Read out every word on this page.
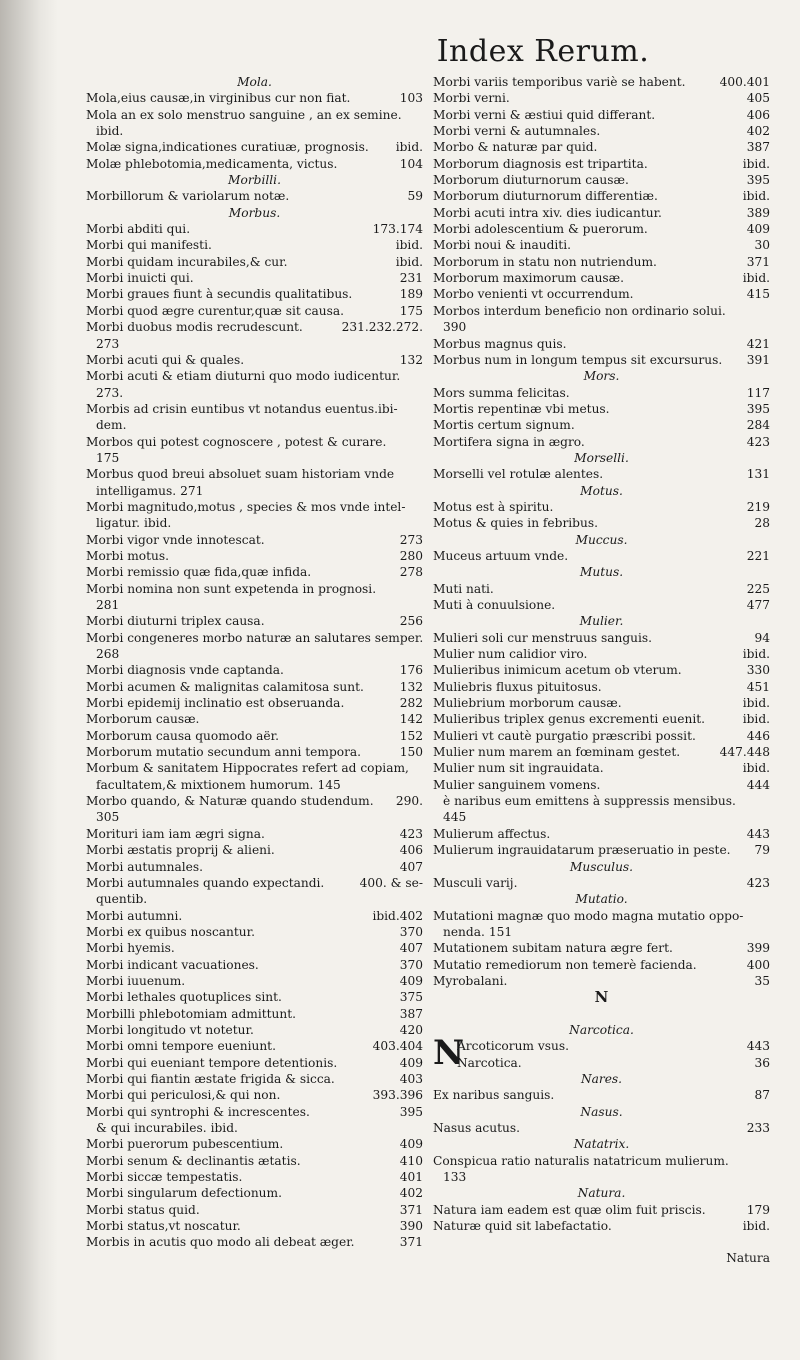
Index Rerum.
Mola.
Mola,eius causæ,in virginibus cur non fiat.	103
Mola an ex solo menstruo sanguine , an ex semine.
ibid.
Molæ signa,indicationes curatiuæ, prognosis.	ibid.
Molæ phlebotomia,medicamenta, victus.	104
Morbilli.
Morbillorum & variolarum notæ.	59
Morbus.
Morbi abditi qui.	173.174
Morbi qui manifesti.	ibid.
Morbi quidam incurabiles,& cur.	ibid.
Morbi inuicti qui.	231
Morbi graues fiunt à secundis qualitatibus.	189
Morbi quod ægre curentur,quæ sit causa.	175
Morbi duobus modis recrudescunt.	231.232.272.
273
Morbi acuti qui & quales.	132
Morbi acuti & etiam diuturni quo modo iudicentur.
273.
Morbis ad crisin euntibus vt notandus euentus.ibi-
dem.
Morbos qui potest cognoscere , potest & curare.
175
Morbus quod breui absoluet suam historiam vnde
intelligamus. 271
Morbi magnitudo,motus , species & mos vnde intel-
ligatur. ibid.
Morbi vigor vnde innotescat.	273
Morbi motus.	280
Morbi remissio quæ fida,quæ infida.	278
Morbi nomina non sunt expetenda in prognosi.
281
Morbi diuturni triplex causa.	256
Morbi congeneres morbo naturæ an salutares semper.
268
Morbi diagnosis vnde captanda.	176
Morbi acumen & malignitas calamitosa sunt.	132
Morbi epidemij inclinatio est obseruanda.	282
Morborum causæ.	142
Morborum causa quomodo aër.	152
Morborum mutatio secundum anni tempora.	150
Morbum & sanitatem Hippocrates refert ad copiam,
facultatem,& mixtionem humorum. 145
Morbo quando, & Naturæ quando studendum.	290.
305
Morituri iam iam ægri signa.	423
Morbi æstatis proprij & alieni.	406
Morbi autumnales.	407
Morbi autumnales quando expectandi.	400. & se-
quentib.
Morbi autumni.	ibid.402
Morbi ex quibus noscantur.	370
Morbi hyemis.	407
Morbi indicant vacuationes.	370
Morbi iuuenum.	409
Morbi lethales quotuplices sint.	375
Morbilli phlebotomiam admittunt.	387
Morbi longitudo vt notetur.	420
Morbi omni tempore eueniunt.	403.404
Morbi qui eueniant tempore detentionis.	409
Morbi qui fiantin æstate frigida & sicca.	403
Morbi qui periculosi,& qui non.	393.396
Morbi qui syntrophi & increscentes.	395
& qui incurabiles. ibid.
Morbi puerorum pubescentium.	409
Morbi senum & declinantis ætatis.	410
Morbi siccæ tempestatis.	401
Morbi singularum defectionum.	402
Morbi status quid.	371
Morbi status,vt noscatur.	390
Morbis in acutis quo modo ali debeat æger.	371
Morbi variis temporibus variè se habent.	400.401
Morbi verni.	405
Morbi verni & æstiui quid differant.	406
Morbi verni & autumnales.	402
Morbo & naturæ par quid.	387
Morborum diagnosis est tripartita.	ibid.
Morborum diuturnorum causæ.	395
Morborum diuturnorum differentiæ.	ibid.
Morbi acuti intra xiv. dies iudicantur.	389
Morbi adolescentium & puerorum.	409
Morbi noui & inauditi.	30
Morborum in statu non nutriendum.	371
Morborum maximorum causæ.	ibid.
Morbo venienti vt occurrendum.	415
Morbos interdum beneficio non ordinario solui.
390
Morbus magnus quis.	421
Morbus num in longum tempus sit excursurus.	391
Mors.
Mors summa felicitas.	117
Mortis repentinæ vbi metus.	395
Mortis certum signum.	284
Mortifera signa in ægro.	423
Morselli.
Morselli vel rotulæ alentes.	131
Motus.
Motus est à spiritu.	219
Motus & quies in febribus.	28
Muccus.
Muceus artuum vnde.	221
Mutus.
Muti nati.	225
Muti à conuulsione.	477
Mulier.
Mulieri soli cur menstruus sanguis.	94
Mulier num calidior viro.	ibid.
Mulieribus inimicum acetum ob vterum.	330
Muliebris fluxus pituitosus.	451
Muliebrium morborum causæ.	ibid.
Mulieribus triplex genus excrementi euenit.	ibid.
Mulieri vt cautè purgatio præscribi possit.	446
Mulier num marem an fœminam gestet.	447.448
Mulier num sit ingrauidata.	ibid.
Mulier sanguinem vomens.	444
è naribus eum emittens à suppressis mensibus.
445
Mulierum affectus.	443
Mulierum ingrauidatarum præseruatio in peste.	79
Musculus.
Musculi varij.	423
Mutatio.
Mutationi magnæ quo modo magna mutatio oppo-
nenda. 151
Mutationem subitam natura ægre fert.	399
Mutatio remediorum non temerè facienda.	400
Myrobalani.	35
N
Narcotica.
N
Arcoticorum vsus.	443
Narcotica.	36
Nares.
Ex naribus sanguis.	87
Nasus.
Nasus acutus.	233
Natatrix.
Conspicua ratio naturalis natatricum mulierum.
133
Natura.
Natura iam eadem est quæ olim fuit priscis.	179
Naturæ quid sit labefactatio.	ibid.
Natura
